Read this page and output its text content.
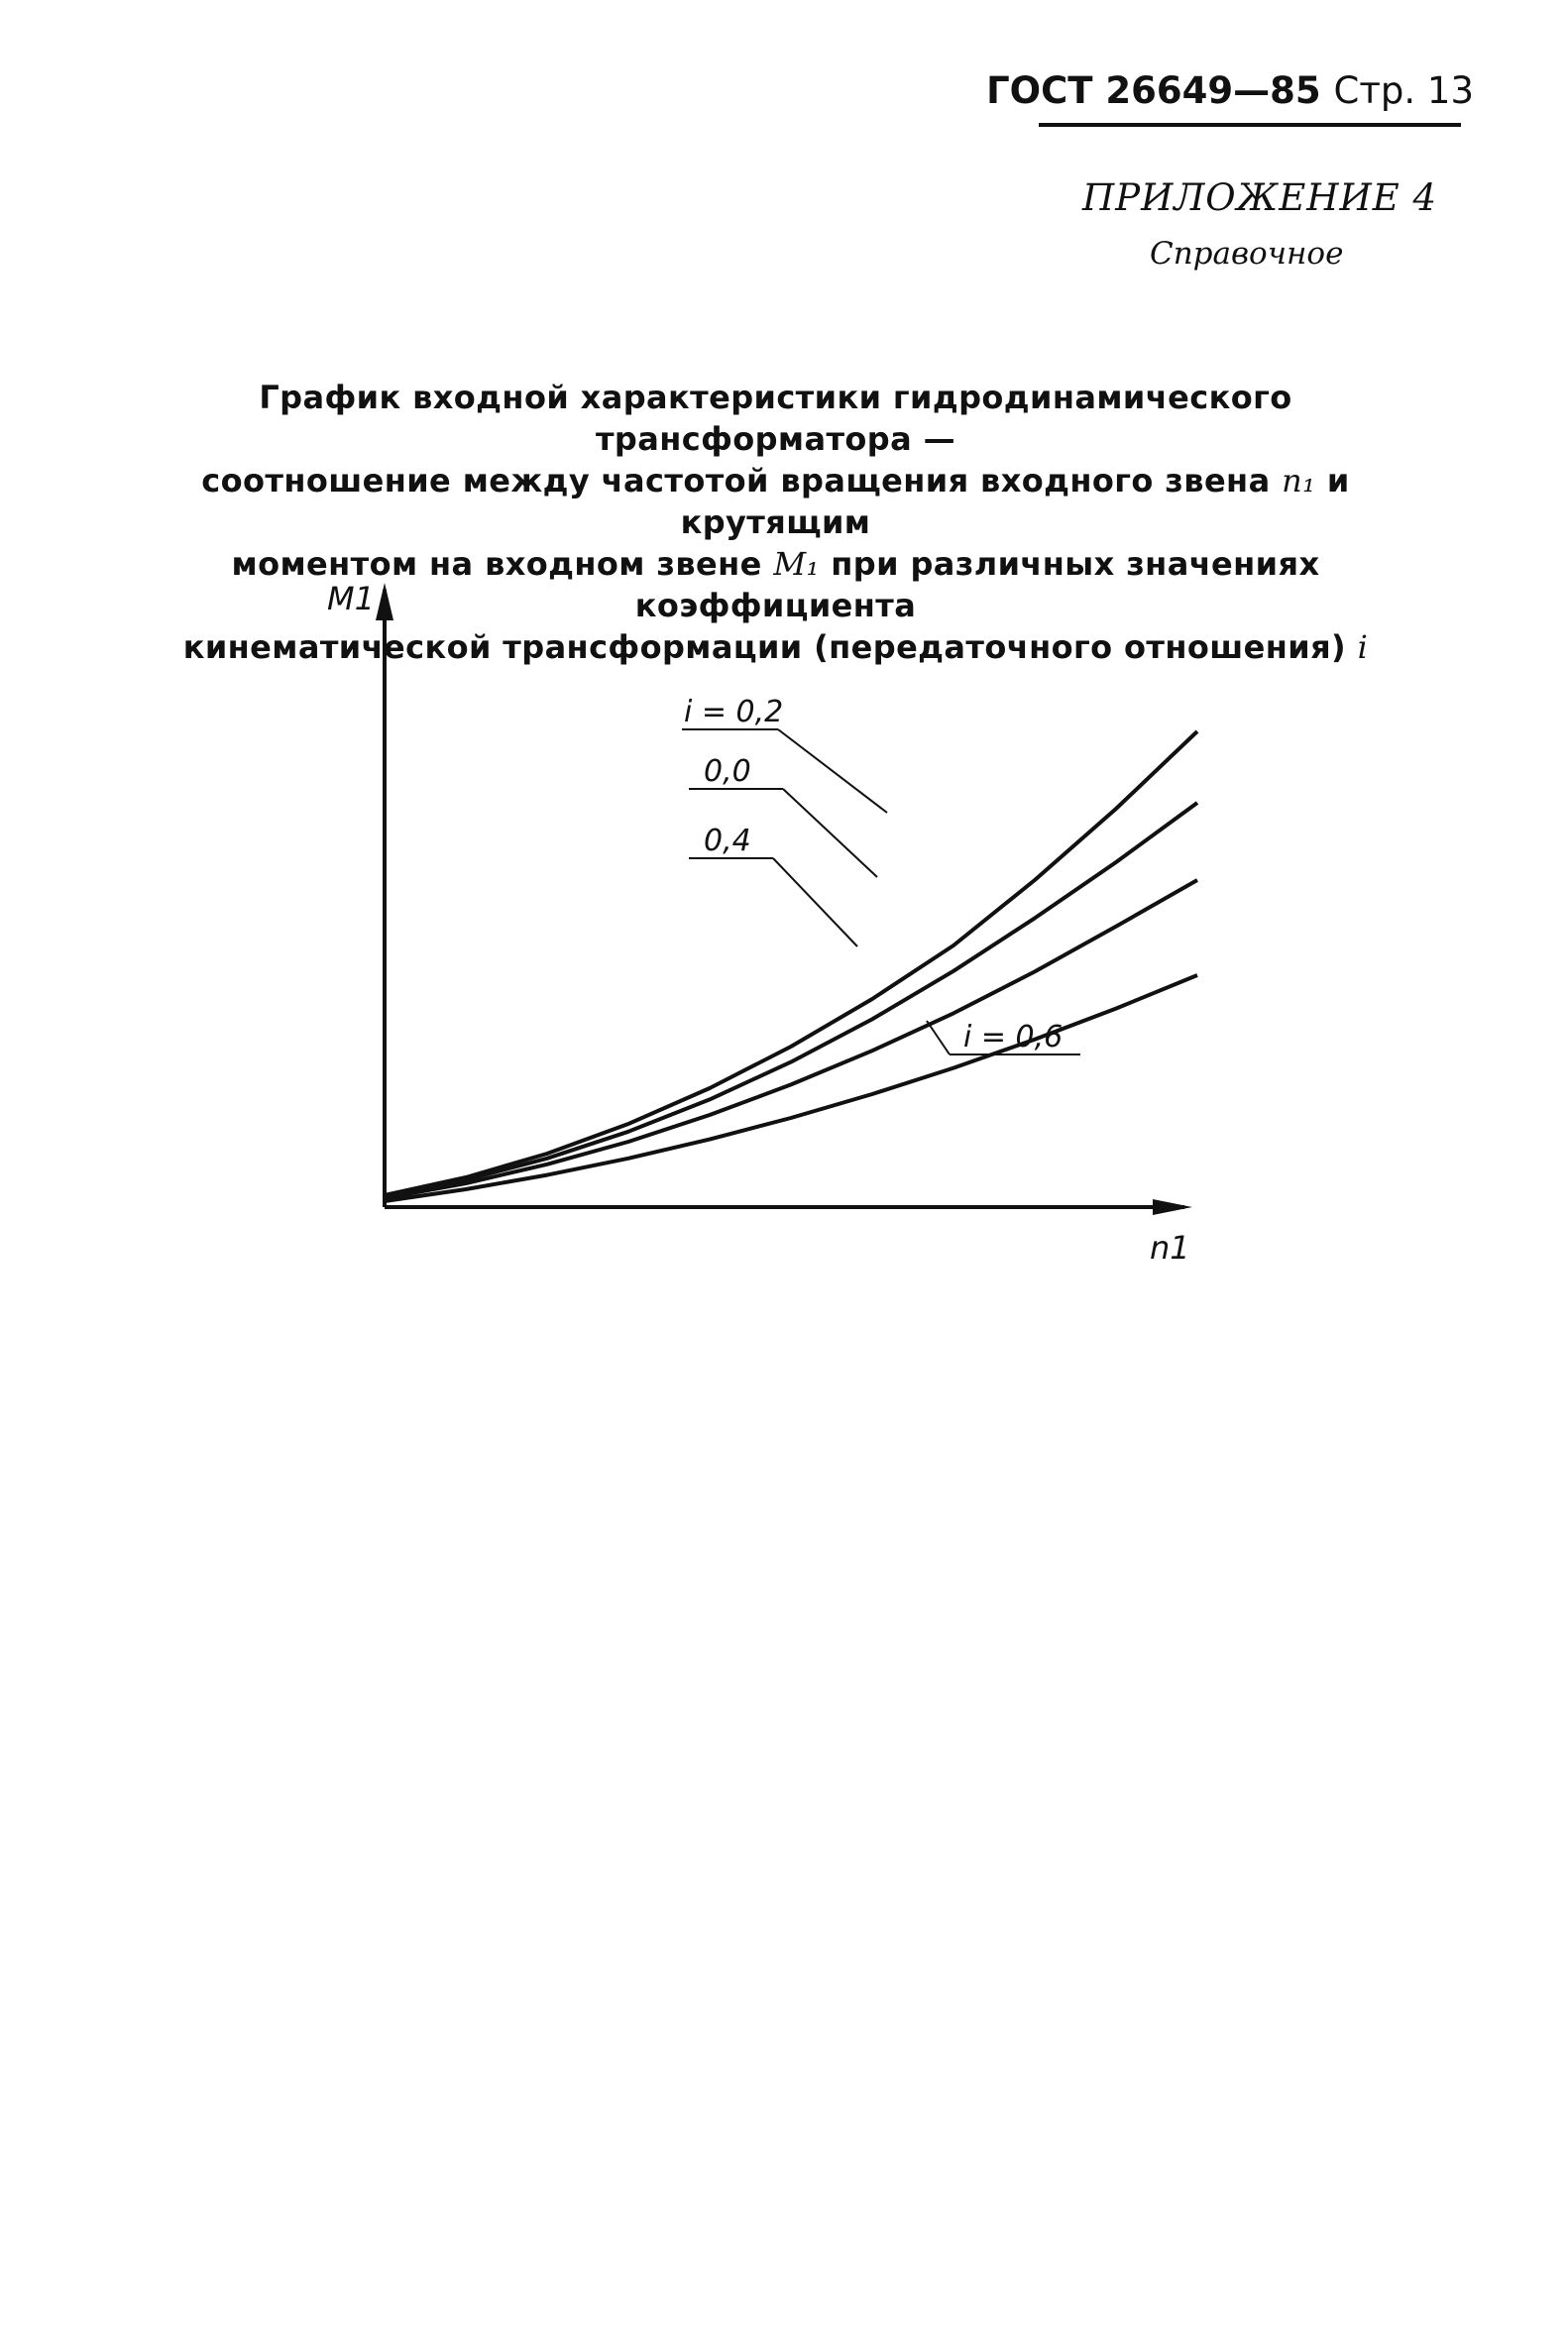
ГОСТ 26649—85 Стр. 13
ПРИЛОЖЕНИЕ 4
Справочное
График входной характеристики гидродинамического трансформатора —
соотношение между частотой вращения входного звена n₁ и крутящим
моментом на входном звене M₁ при различных значениях коэффициента
кинематической трансформации (передаточного отношения) i
M1
n1
i = 0,2
0,0
0,4
i = 0,6
